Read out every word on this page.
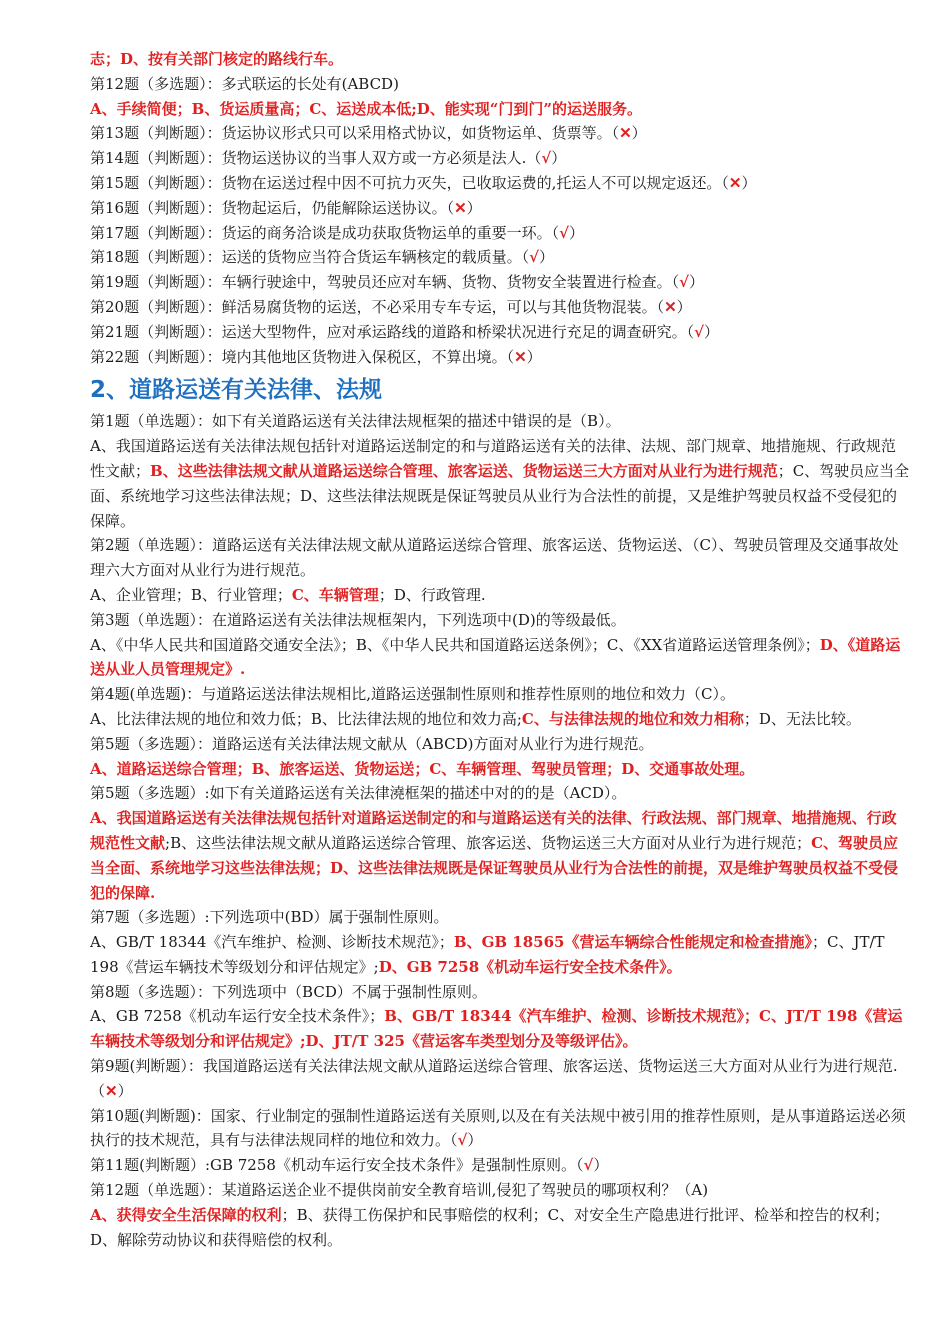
志；D、按有关部门核定的路线行车。
第12题（多选题）：多式联运的长处有(ABCD)
A、手续简便；B、货运质量高；C、运送成本低;D、能实现“门到门”的运送服务。
第13题（判断题）：货运协议形式只可以采用格式协议，如货物运单、货票等。（✕）
第14题（判断题）：货物运送协议的当事人双方或一方必须是法人.（√）
第15题（判断题）：货物在运送过程中因不可抗力灭失，已收取运费的,托运人不可以规定返还。（✕）
第16题（判断题）：货物起运后，仍能解除运送协议。（✕）
第17题（判断题）：货运的商务洽谈是成功获取货物运单的重要一环。（√）
第18题（判断题）：运送的货物应当符合货运车辆核定的载质量。（√）
第19题（判断题）：车辆行驶途中，驾驶员还应对车辆、货物、货物安全装置进行检查。（√）
第20题（判断题）：鲜活易腐货物的运送，不必采用专车专运，可以与其他货物混装。（✕）
第21题（判断题）：运送大型物件，应对承运路线的道路和桥梁状况进行充足的调查研究。（√）
第22题（判断题）：境内其他地区货物进入保税区，不算出境。（✕）
2、道路运送有关法律、法规
第1题（单选题）：如下有关道路运送有关法律法规框架的描述中错误的是（B）。
A、我国道路运送有关法律法规包括针对道路运送制定的和与道路运送有关的法律、法规、部门规章、地措施规、行政规范性文献；B、这些法律法规文献从道路运送综合管理、旅客运送、货物运送三大方面对从业行为进行规范；C、驾驶员应当全面、系统地学习这些法律法规；D、这些法律法规既是保证驾驶员从业行为合法性的前提，又是维护驾驶员权益不受侵犯的保障。
第2题（单选题）：道路运送有关法律法规文献从道路运送综合管理、旅客运送、货物运送、（C）、驾驶员管理及交通事故处理六大方面对从业行为进行规范。
A、企业管理；B、行业管理；C、车辆管理；D、行政管理.
第3题（单选题）：在道路运送有关法律法规框架内，下列选项中(D)的等级最低。
A、《中华人民共和国道路交通安全法》；B、《中华人民共和国道路运送条例》；C、《XX省道路运送管理条例》；D、《道路运送从业人员管理规定》.
第4题(单选题)：与道路运送法律法规相比,道路运送强制性原则和推荐性原则的地位和效力（C）。
A、比法律法规的地位和效力低；B、比法律法规的地位和效力高;C、与法律法规的地位和效力相称；D、无法比较。
第5题（多选题）：道路运送有关法律法规文献从（ABCD)方面对从业行为进行规范。
A、道路运送综合管理；B、旅客运送、货物运送；C、车辆管理、驾驶员管理；D、交通事故处理。
第5题（多选题）:如下有关道路运送有关法律澆框架的描述中对的的是（ACD）。
A、我国道路运送有关法律法规包括针对道路运送制定的和与道路运送有关的法律、行政法规、部门规章、地措施规、行政规范性文献;B、这些法律法规文献从道路运送综合管理、旅客运送、货物运送三大方面对从业行为进行规范；C、驾驶员应当全面、系统地学习这些法律法规；D、这些法律法规既是保证驾驶员从业行为合法性的前提，双是维护驾驶员权益不受侵犯的保障.
第7题（多选题）:下列选项中(BD）属于强制性原则。
A、GB/T 18344《汽车维护、检测、诊断技术规范》；B、GB 18565《营运车辆综合性能规定和检查措施》；C、JT/T 198《营运车辆技术等级划分和评估规定》;D、GB 7258《机动车运行安全技术条件》。
第8题（多选题）：下列选项中（BCD）不属于强制性原则。
A、GB 7258《机动车运行安全技术条件》；B、GB/T 18344《汽车维护、检测、诊断技术规范》；C、JT/T 198《营运车辆技术等级划分和评估规定》;D、JT/T 325《营运客车类型划分及等级评估》。
第9题(判断题）：我国道路运送有关法律法规文献从道路运送综合管理、旅客运送、货物运送三大方面对从业行为进行规范.（✕）
第10题(判断题)：国家、行业制定的强制性道路运送有关原则,以及在有关法规中被引用的推荐性原则，是从事道路运送必须执行的技术规范，具有与法律法规同样的地位和效力。（√）
第11题(判断题）:GB 7258《机动车运行安全技术条件》是强制性原则。（√）
第12题（单选题）：某道路运送企业不提供岗前安全教育培训,侵犯了驾驶员的哪项权利？（A)
A、获得安全生活保障的权利；B、获得工伤保护和民事赔偿的权利；C、对安全生产隐患进行批评、检举和控告的权利；D、解除劳动协议和获得赔偿的权利。
